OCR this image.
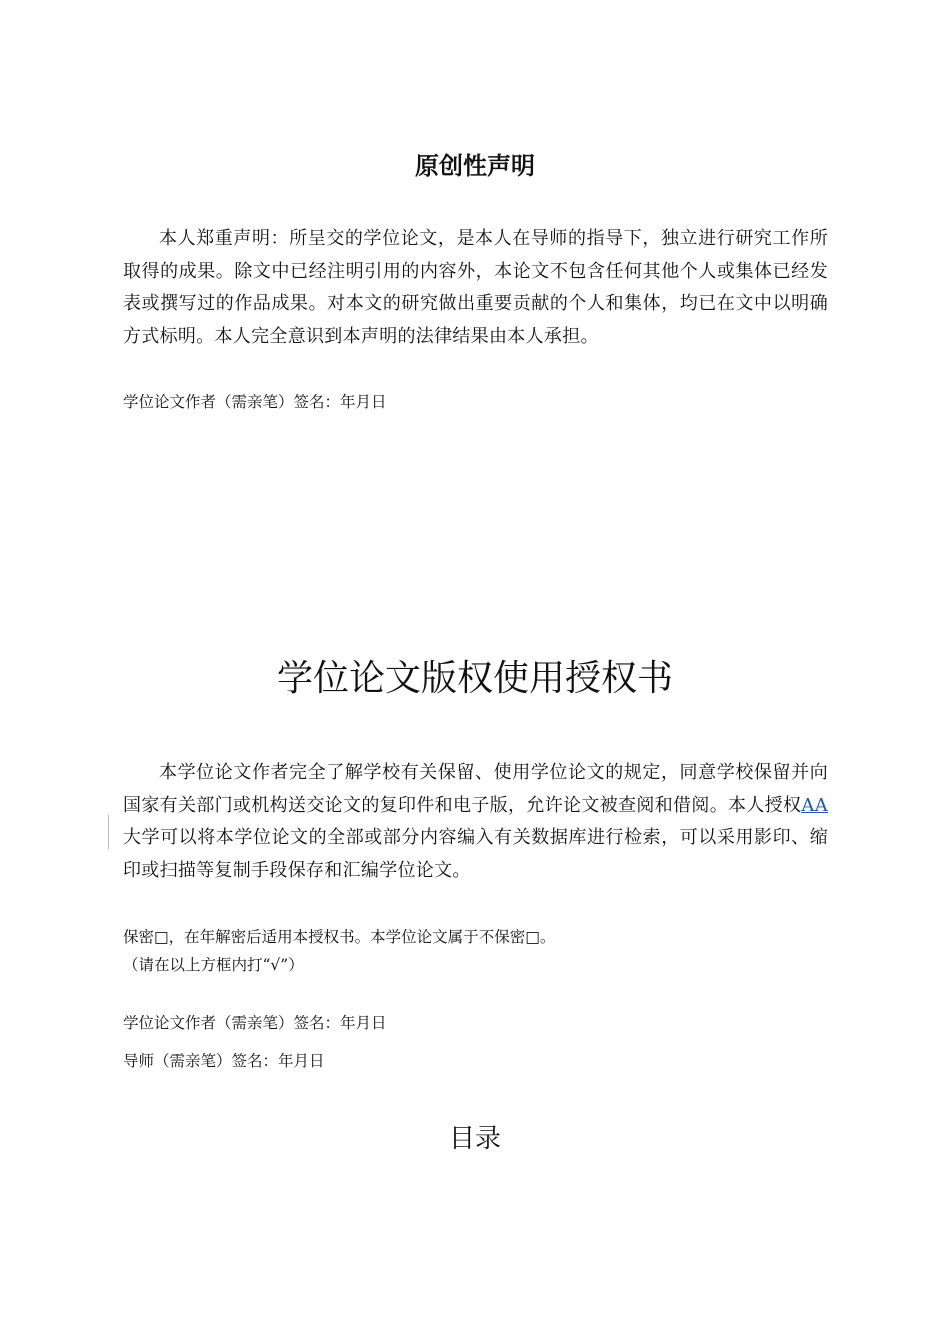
原创性声明
本人郑重声明：所呈交的学位论文，是本人在导师的指导下，独立进行研究工作所取得的成果。除文中已经注明引用的内容外，本论文不包含任何其他个人或集体已经发表或撰写过的作品成果。对本文的研究做出重要贡献的个人和集体，均已在文中以明确方式标明。本人完全意识到本声明的法律结果由本人承担。
学位论文作者（需亲笔）签名：年月日
学位论文版权使用授权书
本学位论文作者完全了解学校有关保留、使用学位论文的规定，同意学校保留并向国家有关部门或机构送交论文的复印件和电子版，允许论文被查阅和借阅。本人授权AA 大学可以将本学位论文的全部或部分内容编入有关数据库进行检索，可以采用影印、缩印或扫描等复制手段保存和汇编学位论文。
保密□，在年解密后适用本授权书。本学位论文属于不保密□。
（请在以上方框内打“√”）
学位论文作者（需亲笔）签名：年月日
导师（需亲笔）签名：年月日
目录
